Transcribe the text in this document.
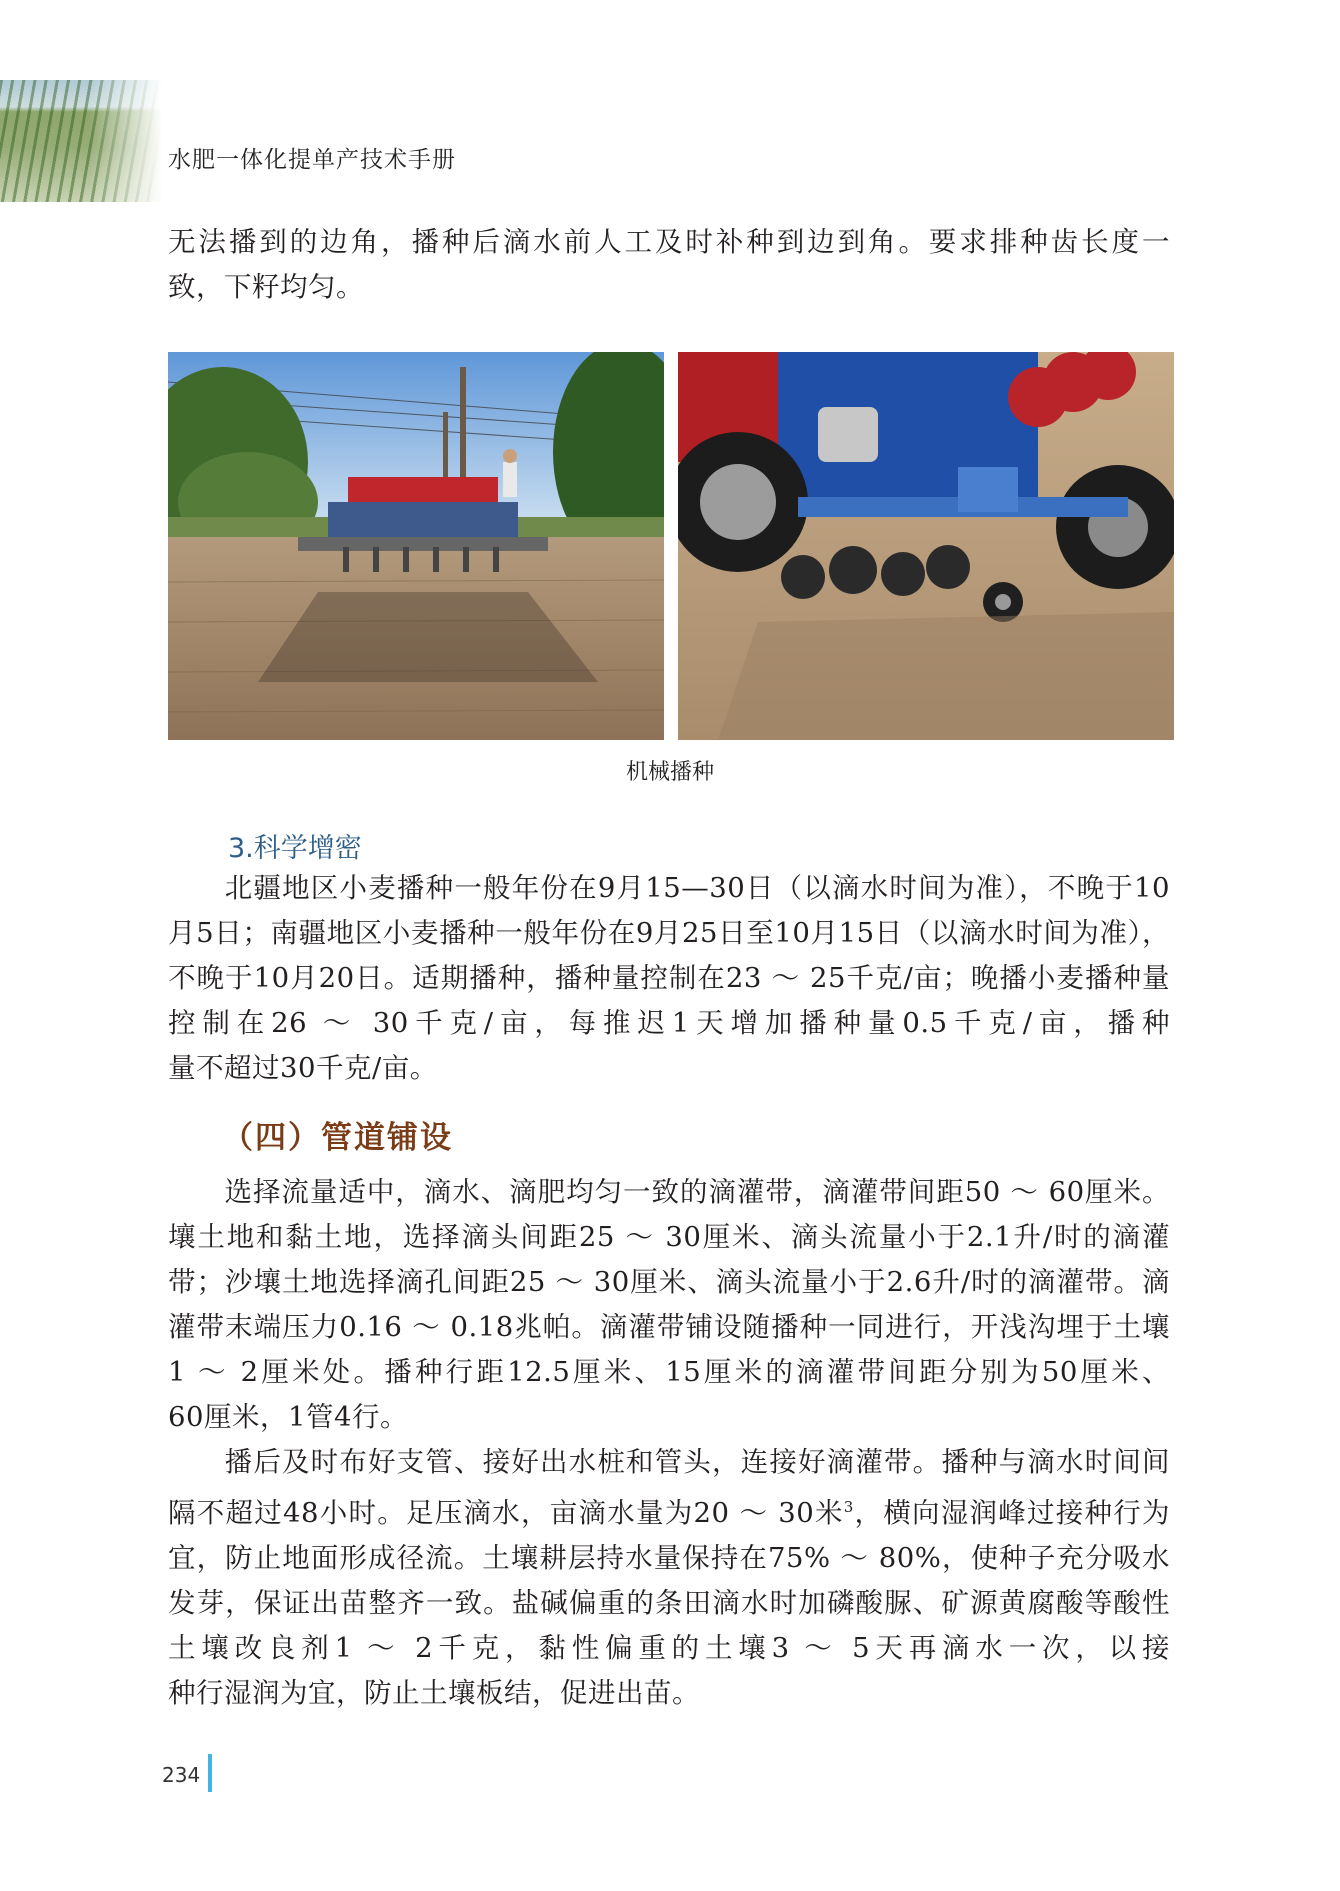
水肥一体化提单产技术手册

无法播到的边角，播种后滴水前人工及时补种到边到角。要求排种齿长度一
致，下籽均匀。

机械播种
3.科学增密

北疆地区小麦播种一般年份在9月15—30日（以滴水时间为准），不晚于10月5日；南疆地区小麦播种一般年份在9月25日至10月15日（以滴水时间为准），不晚于10月20日。适期播种，播种量控制在23 ～ 25千克/亩；晚播小麦播种量控制在26 ～ 30千克/亩，每推迟1天增加播种量0.5千克/亩，播种
量不超过30千克/亩。

（四）管道铺设

选择流量适中，滴水、滴肥均匀一致的滴灌带，滴灌带间距50 ～ 60厘米。壤土地和黏土地，选择滴头间距25 ～ 30厘米、滴头流量小于2.1升/时的滴灌带；沙壤土地选择滴孔间距25 ～ 30厘米、滴头流量小于2.6升/时的滴灌带。滴灌带末端压力0.16 ～ 0.18兆帕。滴灌带铺设随播种一同进行，开浅沟埋于土壤1 ～ 2厘米处。播种行距12.5厘米、15厘米的滴灌带间距分别为50厘米、
60厘米，1管4行。

播后及时布好支管、接好出水桩和管头，连接好滴灌带。播种与滴水时间间隔不超过48小时。足压滴水，亩滴水量为20 ～ 30米$^3$，横向湿润峰过接种行为宜，防止地面形成径流。土壤耕层持水量保持在75% ～ 80%，使种子充分吸水发芽，保证出苗整齐一致。盐碱偏重的条田滴水时加磷酸脲、矿源黄腐酸等酸性土壤改良剂1 ～ 2千克，黏性偏重的土壤3 ～ 5天再滴水一次，以接
种行湿润为宜，防止土壤板结，促进出苗。

234
